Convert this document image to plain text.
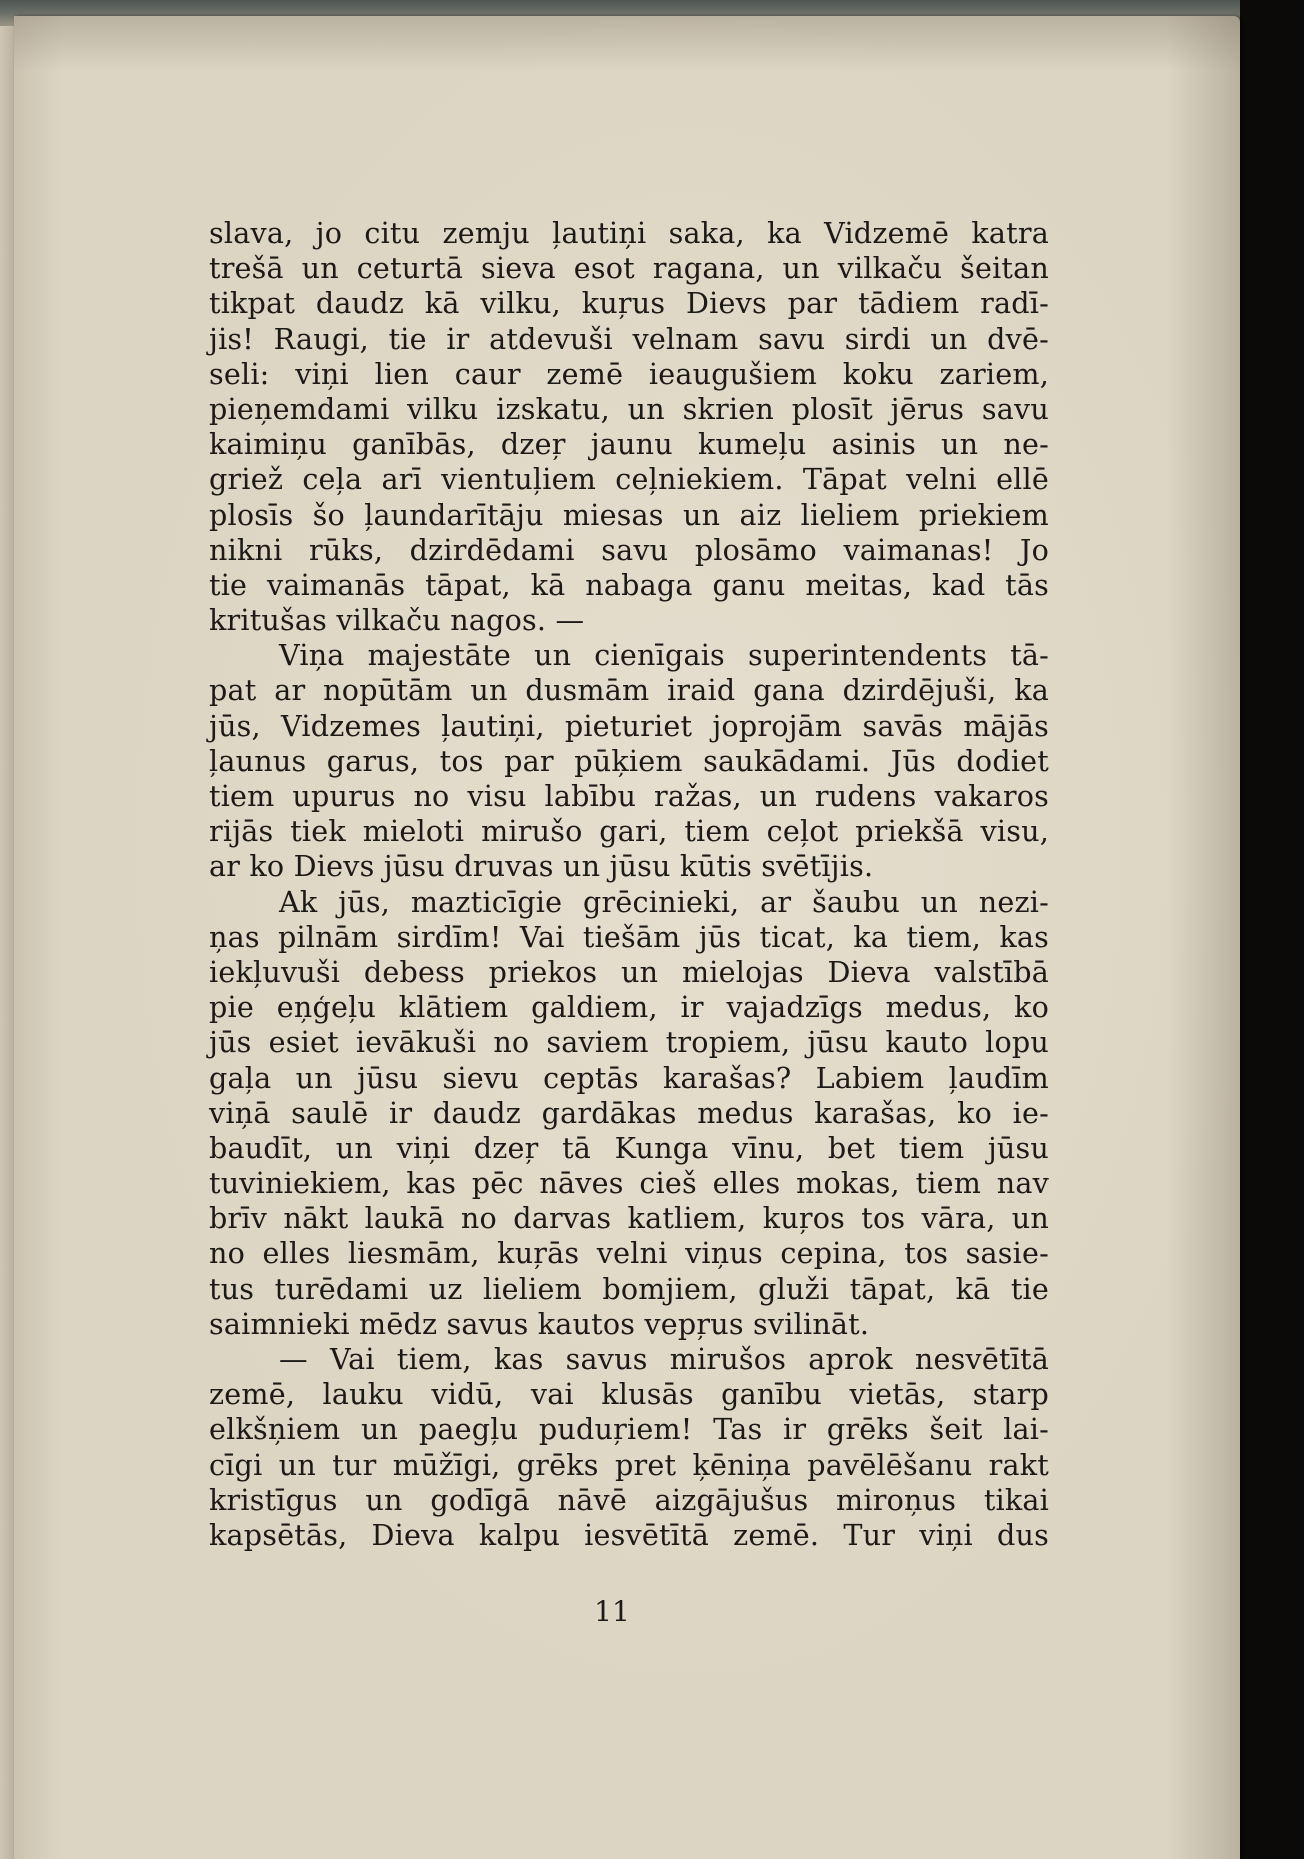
slava, jo citu zemju ļautiņi saka, ka Vidzemē katra
trešā un ceturtā sieva esot ragana, un vilkaču šeitan
tikpat daudz kā vilku, kuŗus Dievs par tādiem radī-
jis! Raugi, tie ir atdevuši velnam savu sirdi un dvē-
seli: viņi lien caur zemē ieaugušiem koku zariem,
pieņemdami vilku izskatu, un skrien plosīt jērus savu
kaimiņu ganībās, dzeŗ jaunu kumeļu asinis un ne-
griež ceļa arī vientuļiem ceļniekiem. Tāpat velni ellē
plosīs šo ļaundarītāju miesas un aiz lieliem priekiem
nikni rūks, dzirdēdami savu plosāmo vaimanas! Jo
tie vaimanās tāpat, kā nabaga ganu meitas, kad tās
kritušas vilkaču nagos. —
Viņa majestāte un cienīgais superintendents tā-
pat ar nopūtām un dusmām iraid gana dzirdējuši, ka
jūs, Vidzemes ļautiņi, pieturiet joprojām savās mājās
ļaunus garus, tos par pūķiem saukādami. Jūs dodiet
tiem upurus no visu labību ražas, un rudens vakaros
rijās tiek mieloti mirušo gari, tiem ceļot priekšā visu,
ar ko Dievs jūsu druvas un jūsu kūtis svētījis.
Ak jūs, mazticīgie grēcinieki, ar šaubu un nezi-
ņas pilnām sirdīm! Vai tiešām jūs ticat, ka tiem, kas
iekļuvuši debess priekos un mielojas Dieva valstībā
pie eņģeļu klātiem galdiem, ir vajadzīgs medus, ko
jūs esiet ievākuši no saviem tropiem, jūsu kauto lopu
gaļa un jūsu sievu ceptās karašas? Labiem ļaudīm
viņā saulē ir daudz gardākas medus karašas, ko ie-
baudīt, un viņi dzeŗ tā Kunga vīnu, bet tiem jūsu
tuviniekiem, kas pēc nāves cieš elles mokas, tiem nav
brīv nākt laukā no darvas katliem, kuŗos tos vāra, un
no elles liesmām, kuŗās velni viņus cepina, tos sasie-
tus turēdami uz lieliem bomjiem, gluži tāpat, kā tie
saimnieki mēdz savus kautos vepŗus svilināt.
— Vai tiem, kas savus mirušos aprok nesvētītā
zemē, lauku vidū, vai klusās ganību vietās, starp
elkšņiem un paegļu puduŗiem! Tas ir grēks šeit lai-
cīgi un tur mūžīgi, grēks pret ķēniņa pavēlēšanu rakt
kristīgus un godīgā nāvē aizgājušus miroņus tikai
kapsētās, Dieva kalpu iesvētītā zemē. Tur viņi dus
11
